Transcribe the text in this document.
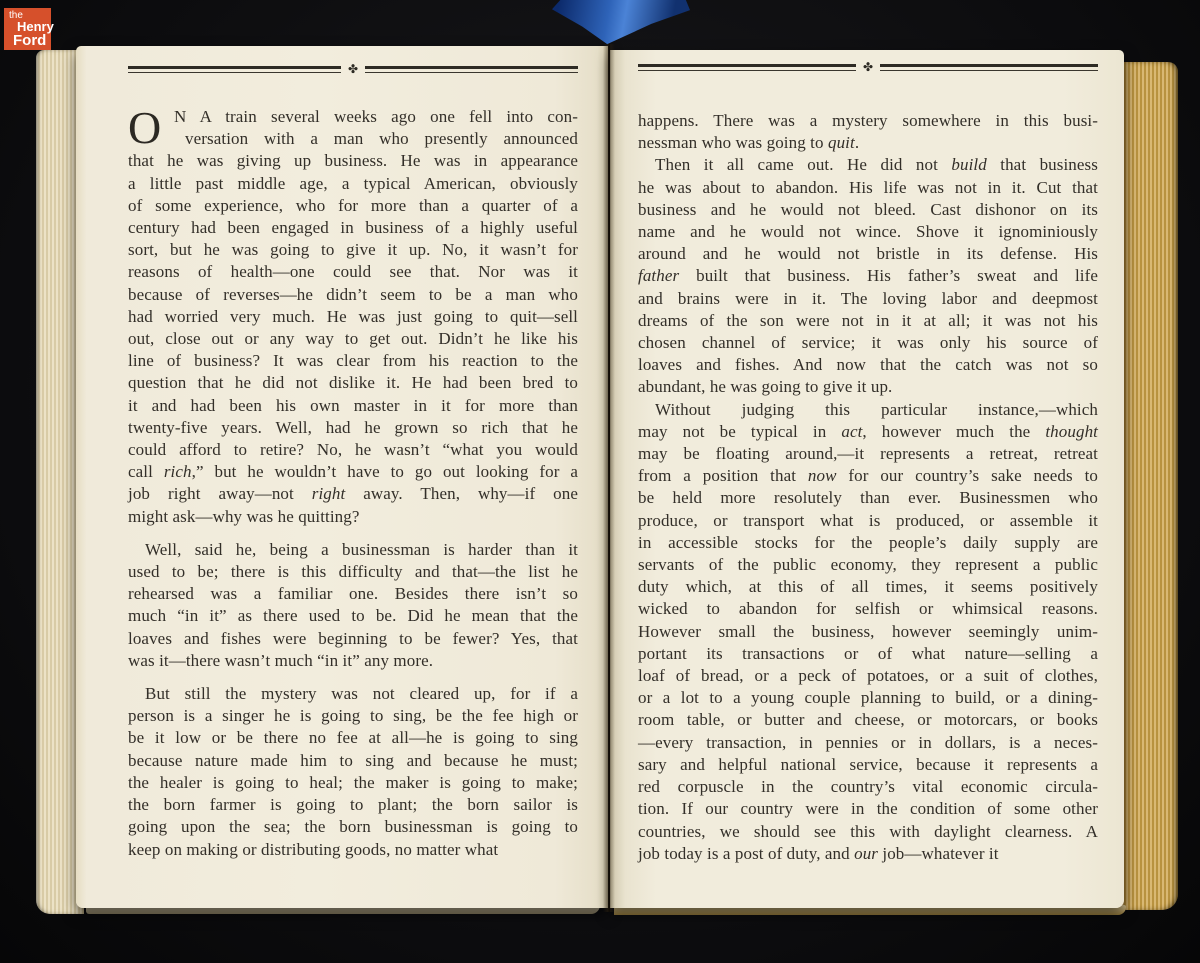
✤
O N A train several weeks ago one fell into con-
versation with a man who presently announced
that he was giving up business. He was in appearance
a little past middle age, a typical American, obviously
of some experience, who for more than a quarter of a
century had been engaged in business of a highly useful
sort, but he was going to give it up. No, it wasn’t for
reasons of health—one could see that. Nor was it
because of reverses—he didn’t seem to be a man who
had worried very much. He was just going to quit—sell
out, close out or any way to get out. Didn’t he like his
line of business? It was clear from his reaction to the
question that he did not dislike it. He had been bred to
it and had been his own master in it for more than
twenty-five years. Well, had he grown so rich that he
could afford to retire? No, he wasn’t “what you would
call rich,” but he wouldn’t have to go out looking for a
job right away—not right away. Then, why—if one
might ask—why was he quitting?
Well, said he, being a businessman is harder than it
used to be; there is this difficulty and that—the list he
rehearsed was a familiar one. Besides there isn’t so
much “in it” as there used to be. Did he mean that the
loaves and fishes were beginning to be fewer? Yes, that
was it—there wasn’t much “in it” any more.
But still the mystery was not cleared up, for if a
person is a singer he is going to sing, be the fee high or
be it low or be there no fee at all—he is going to sing
because nature made him to sing and because he must;
the healer is going to heal; the maker is going to make;
the born farmer is going to plant; the born sailor is
going upon the sea; the born businessman is going to
keep on making or distributing goods, no matter what
✤
happens. There was a mystery somewhere in this busi-
nessman who was going to quit.
Then it all came out. He did not build that business
he was about to abandon. His life was not in it. Cut that
business and he would not bleed. Cast dishonor on its
name and he would not wince. Shove it ignominiously
around and he would not bristle in its defense. His
father built that business. His father’s sweat and life
and brains were in it. The loving labor and deepmost
dreams of the son were not in it at all; it was not his
chosen channel of service; it was only his source of
loaves and fishes. And now that the catch was not so
abundant, he was going to give it up.
Without judging this particular instance,—which
may not be typical in act, however much the thought
may be floating around,—it represents a retreat, retreat
from a position that now for our country’s sake needs to
be held more resolutely than ever. Businessmen who
produce, or transport what is produced, or assemble it
in accessible stocks for the people’s daily supply are
servants of the public economy, they represent a public
duty which, at this of all times, it seems positively
wicked to abandon for selfish or whimsical reasons.
However small the business, however seemingly unim-
portant its transactions or of what nature—selling a
loaf of bread, or a peck of potatoes, or a suit of clothes,
or a lot to a young couple planning to build, or a dining-
room table, or butter and cheese, or motorcars, or books
—every transaction, in pennies or in dollars, is a neces-
sary and helpful national service, because it represents a
red corpuscle in the country’s vital economic circula-
tion. If our country were in the condition of some other
countries, we should see this with daylight clearness. A
job today is a post of duty, and our job—whatever it
the
Henry
Ford
